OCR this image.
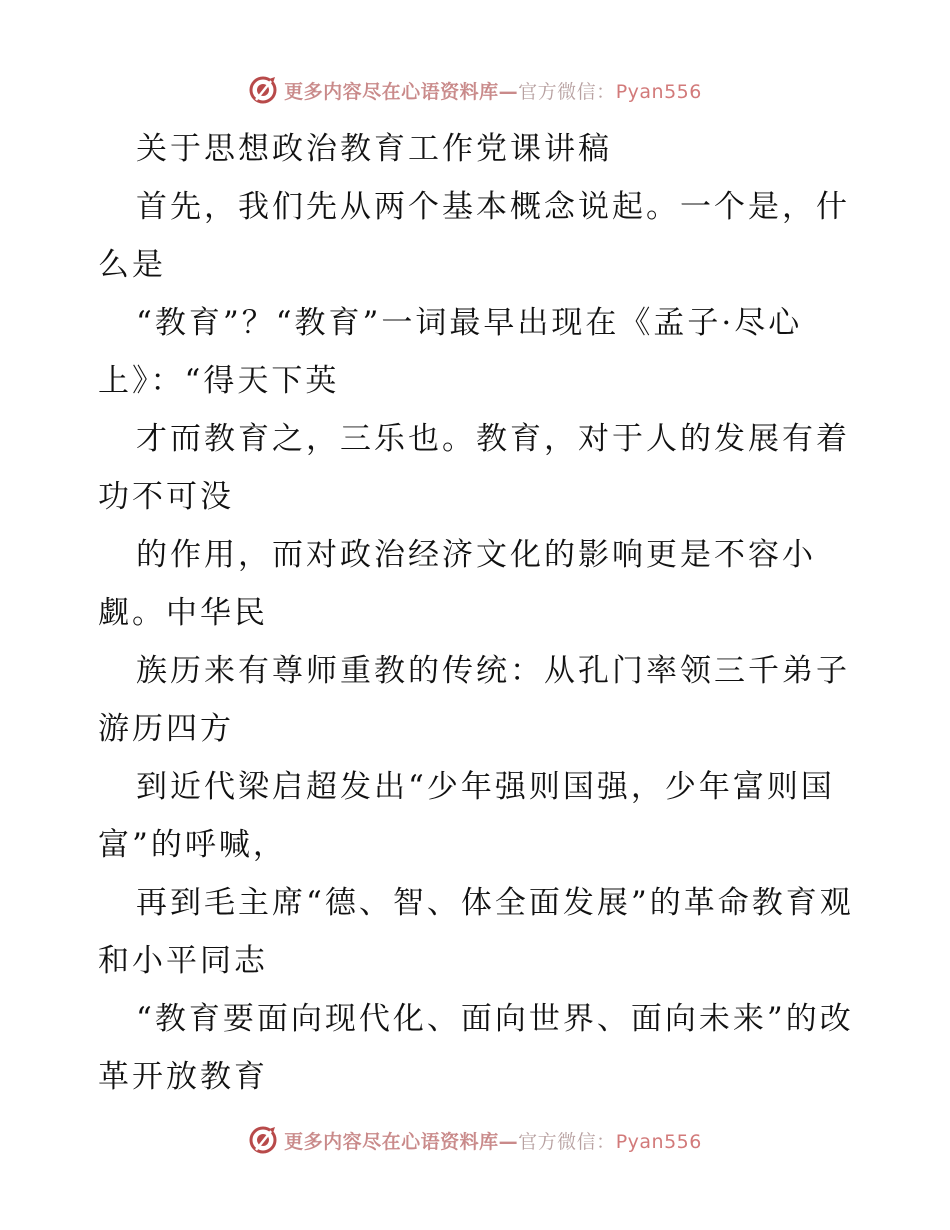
更多内容尽在心语资料库—官方微信：Pyan556

关于思想政治教育工作党课讲稿

首先，我们先从两个基本概念说起。一个是，什么是

“教育”？“教育”一词最早出现在《孟子·尽心上》：“得天下英

才而教育之，三乐也。教育，对于人的发展有着功不可没

的作用，而对政治经济文化的影响更是不容小觑。中华民

族历来有尊师重教的传统：从孔门率领三千弟子游历四方

到近代梁启超发出“少年强则国强，少年富则国富”的呼喊，

再到毛主席“德、智、体全面发展”的革命教育观和小平同志

“教育要面向现代化、面向世界、面向未来”的改革开放教育

更多内容尽在心语资料库—官方微信：Pyan556
